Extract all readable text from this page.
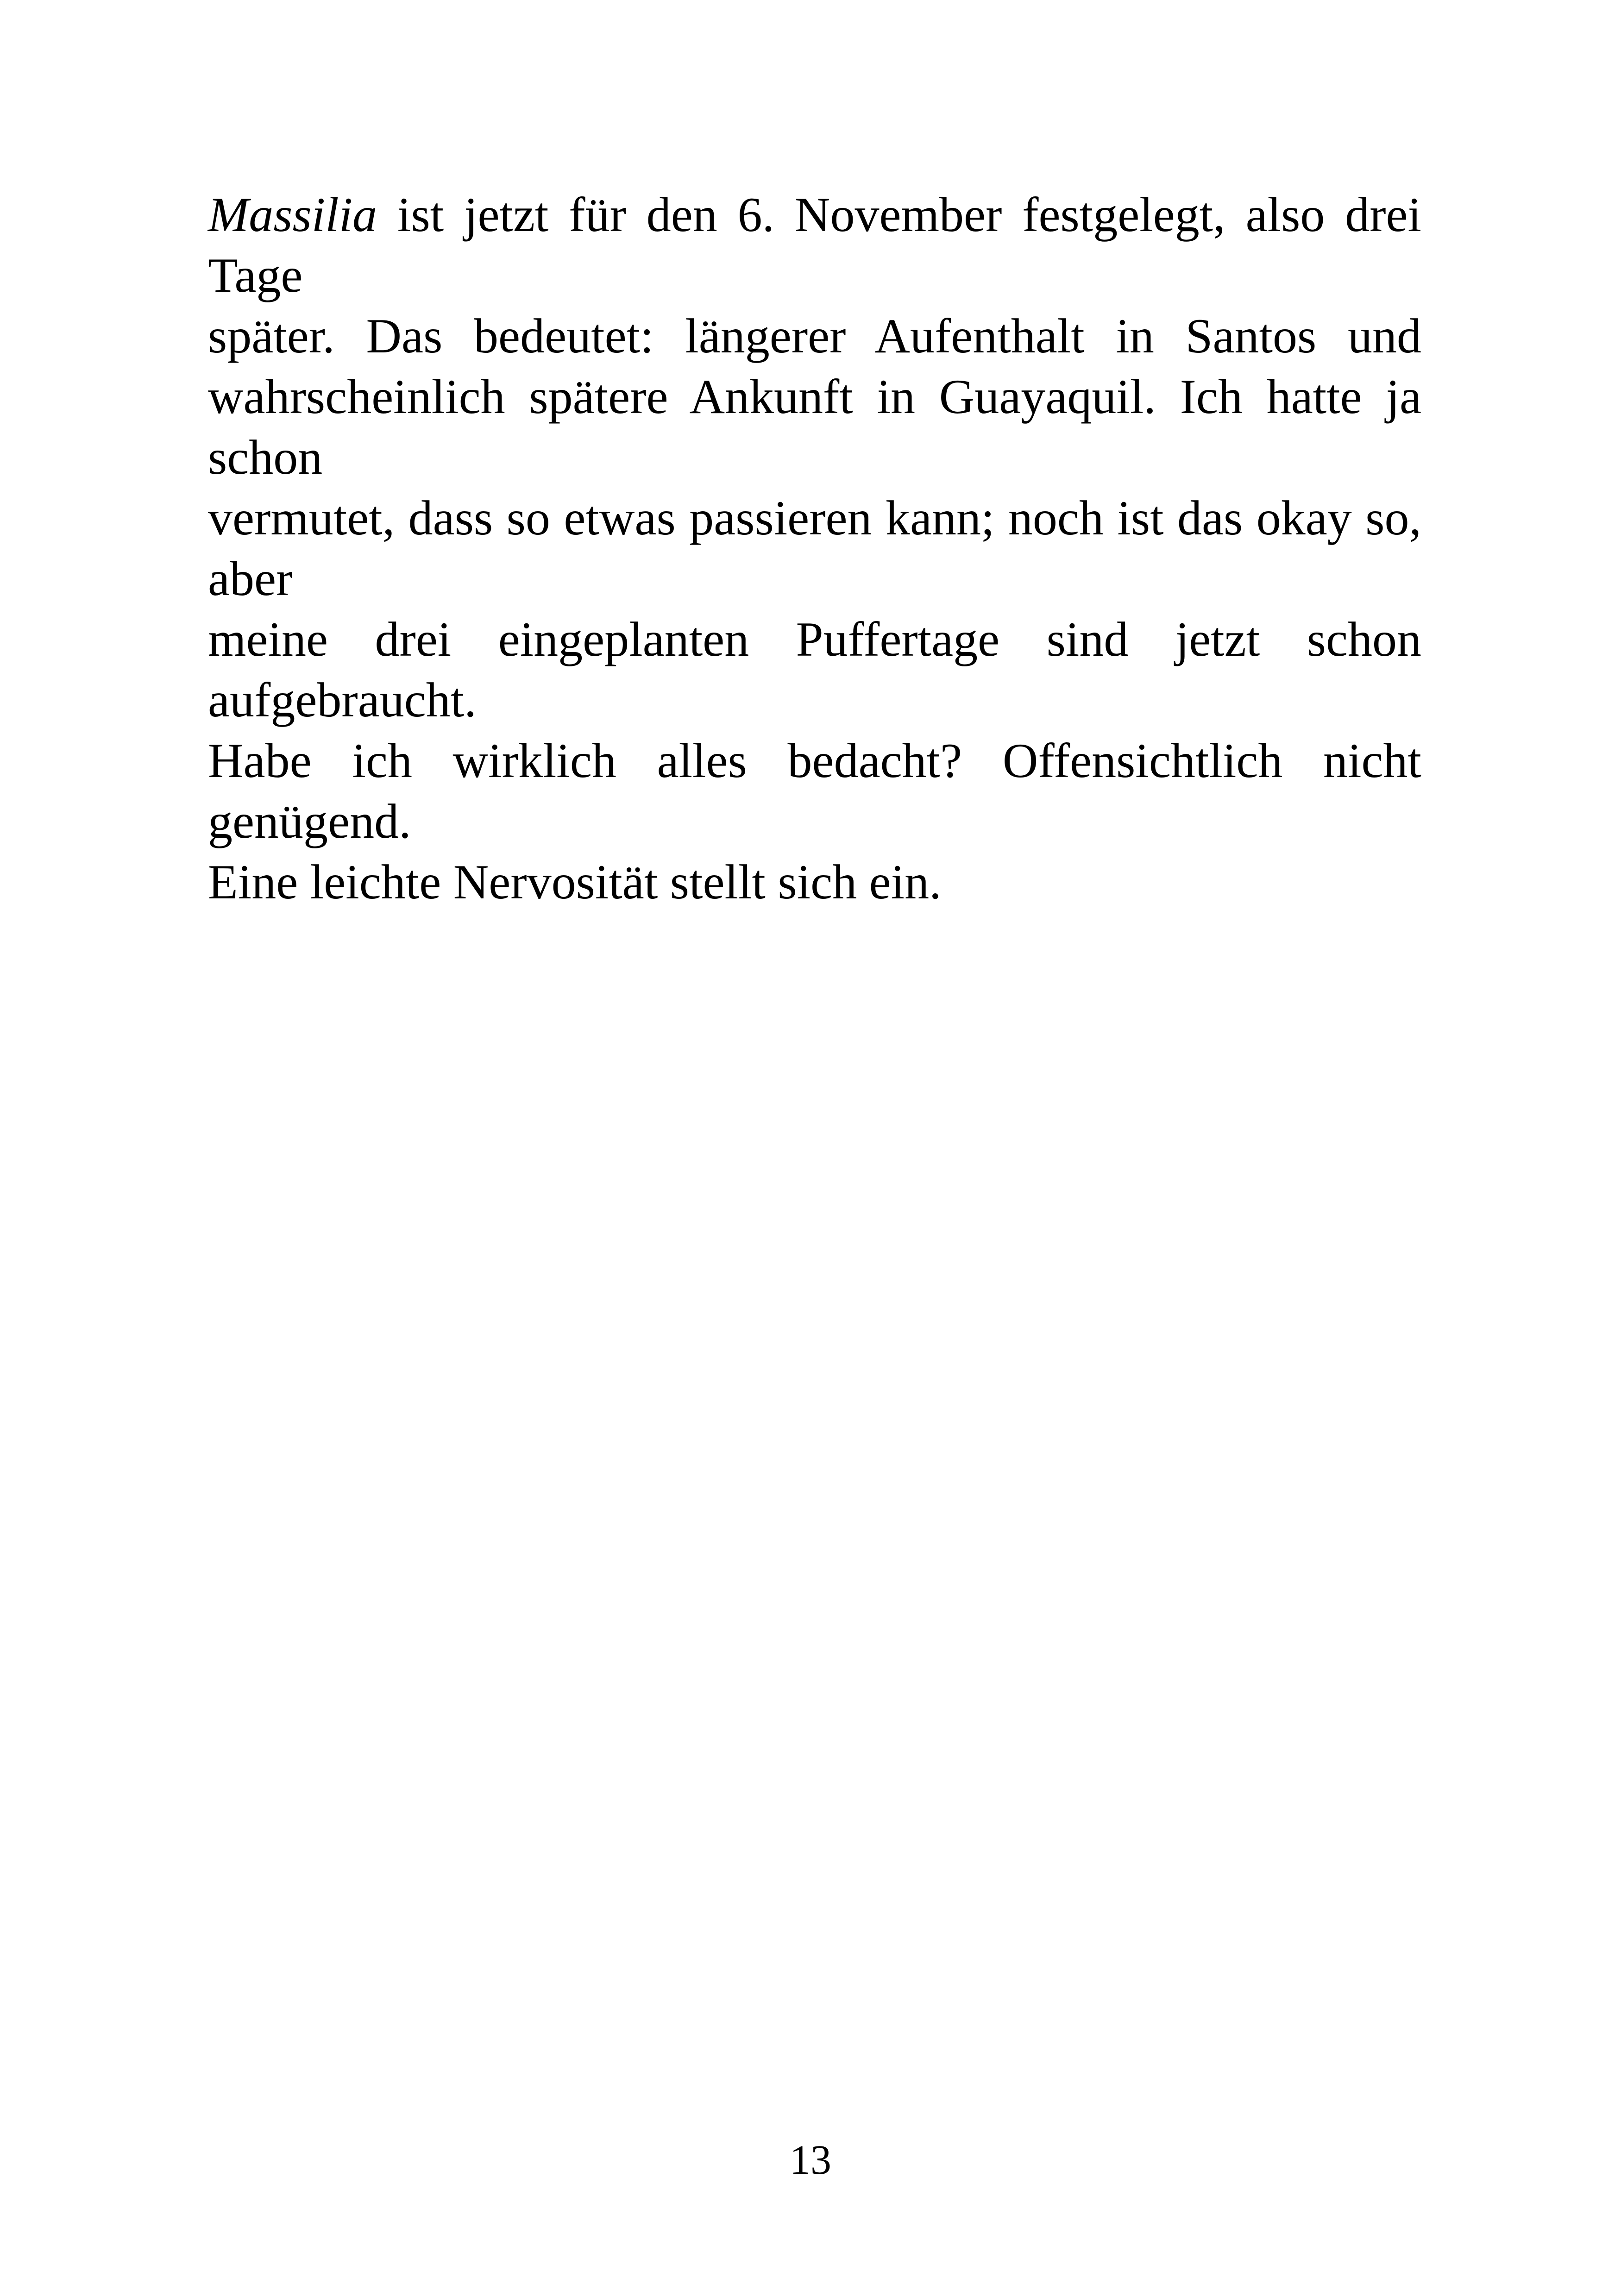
Massilia ist jetzt für den 6. November festgelegt, also drei Tage
später. Das bedeutet: längerer Aufenthalt in Santos und
wahrscheinlich spätere Ankunft in Guayaquil. Ich hatte ja schon
vermutet, dass so etwas passieren kann; noch ist das okay so, aber
meine drei eingeplanten Puffertage sind jetzt schon aufgebraucht.
Habe ich wirklich alles bedacht? Offensichtlich nicht genügend.
Eine leichte Nervosität stellt sich ein.

13
